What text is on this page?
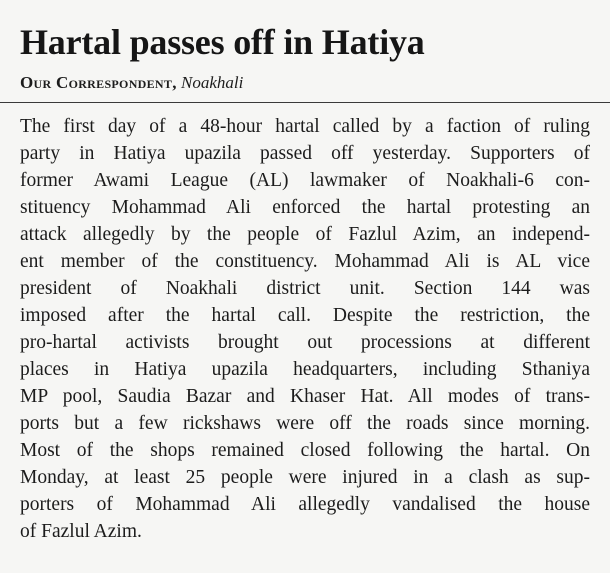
Hartal passes off in Hatiya
Our Correspondent, Noakhali
The first day of a 48-hour hartal called by a faction of ruling
party in Hatiya upazila passed off yesterday. Supporters of
former Awami League (AL) lawmaker of Noakhali-6 con-
stituency Mohammad Ali enforced the hartal protesting an
attack allegedly by the people of Fazlul Azim, an independ-
ent member of the constituency. Mohammad Ali is AL vice
president of Noakhali district unit. Section 144 was
imposed after the hartal call. Despite the restriction, the
pro-hartal activists brought out processions at different
places in Hatiya upazila headquarters, including Sthaniya
MP pool, Saudia Bazar and Khaser Hat. All modes of trans-
ports but a few rickshaws were off the roads since morning.
Most of the shops remained closed following the hartal. On
Monday, at least 25 people were injured in a clash as sup-
porters of Mohammad Ali allegedly vandalised the house
of Fazlul Azim.
